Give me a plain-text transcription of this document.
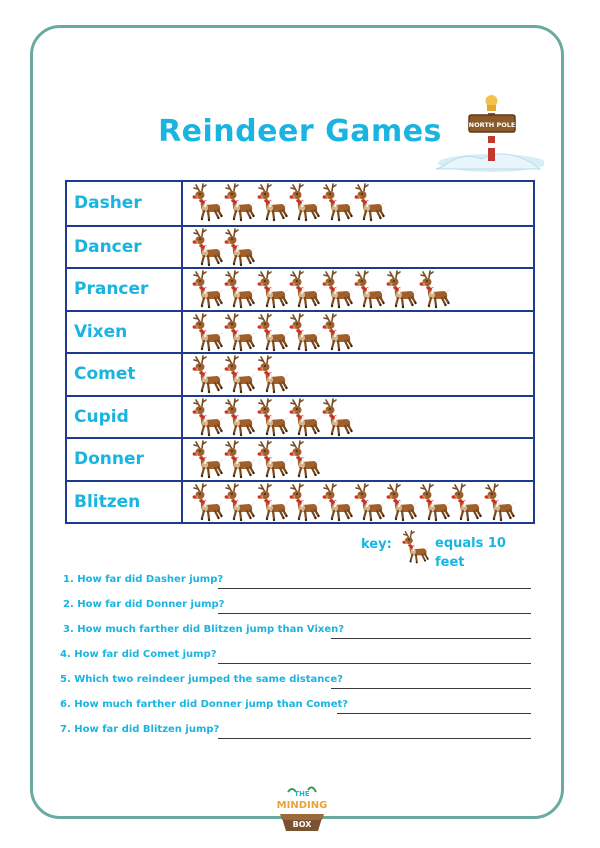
Reindeer Games	NORTH POLE
Dasher
Dancer
Prancer
Vixen
Comet
Cupid
Donner
Blitzen
key:	equals 10 feet
1. How far did Dasher jump?
2. How far did Donner jump?
3. How much farther did Blitzen jump than Vixen?
4. How far did Comet jump?
5. Which two reindeer jumped the same distance?
6. How much farther did Donner jump than Comet?
7. How far did Blitzen jump?
THE
MINDING
BOX
